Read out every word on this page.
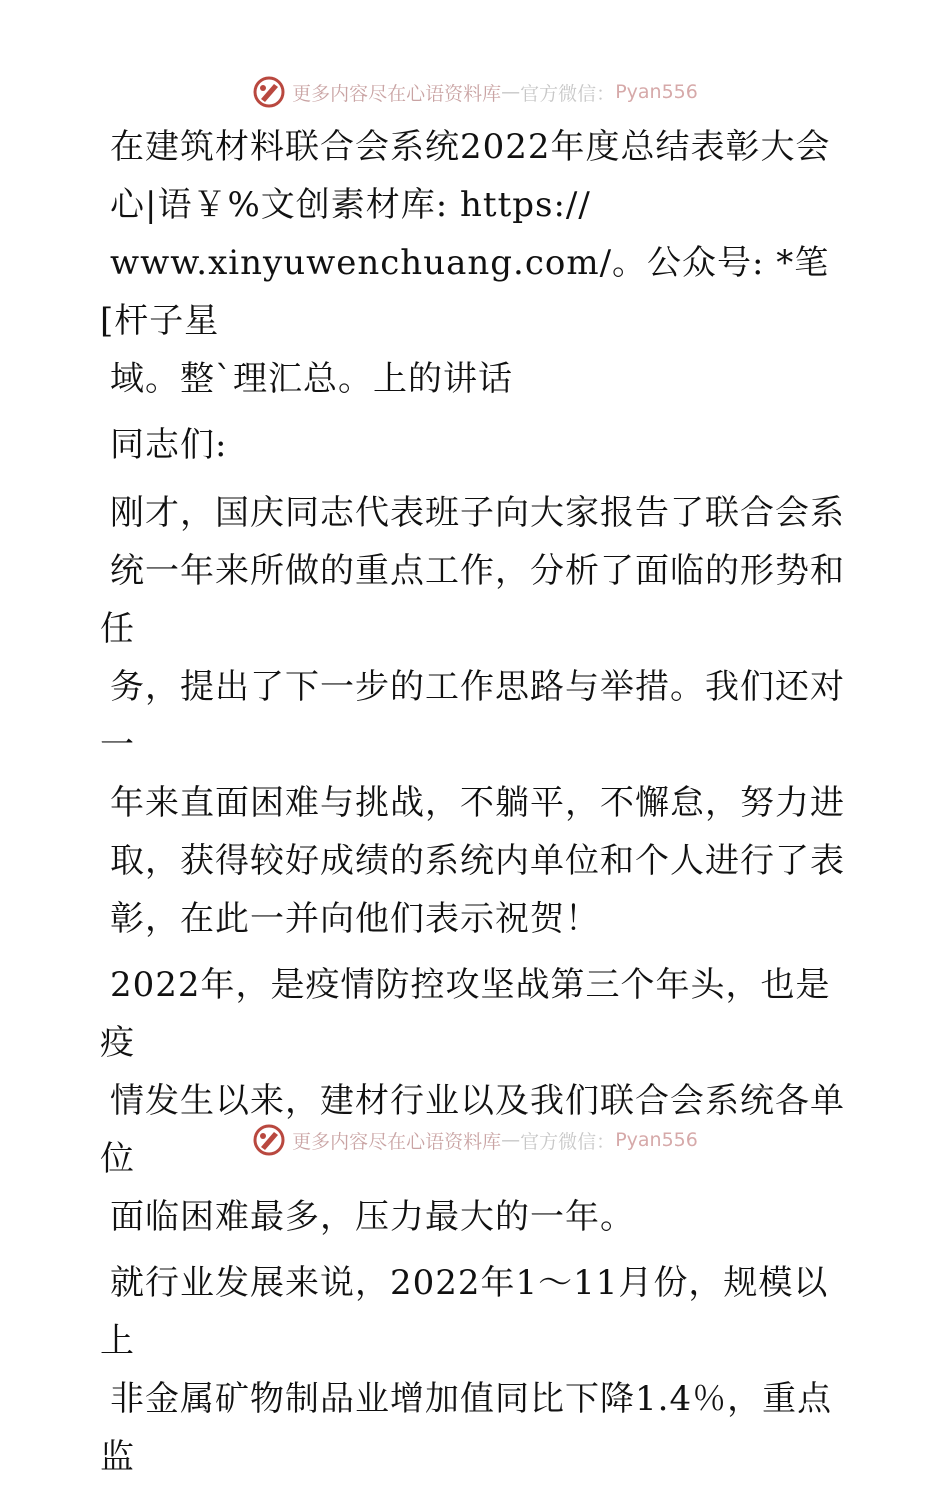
更多内容尽在心语资料库 — 官方微信： Pyan556
在建筑材料联合会系统2022年度总结表彰大会
心|语￥%文创素材库: https://
www.xinyuwenchuang.com/。公众号: *笔[杆子星
域。整`理汇总。上的讲话
同志们:
刚才，国庆同志代表班子向大家报告了联合会系
统一年来所做的重点工作，分析了面临的形势和任
务，提出了下一步的工作思路与举措。我们还对一
年来直面困难与挑战，不躺平，不懈怠，努力进
取，获得较好成绩的系统内单位和个人进行了表
彰，在此一并向他们表示祝贺！
2022年，是疫情防控攻坚战第三个年头，也是疫
情发生以来，建材行业以及我们联合会系统各单位
面临困难最多，压力最大的一年。
就行业发展来说，2022年1～11月份，规模以上
非金属矿物制品业增加值同比下降1.4％，重点监
更多内容尽在心语资料库 — 官方微信： Pyan556
